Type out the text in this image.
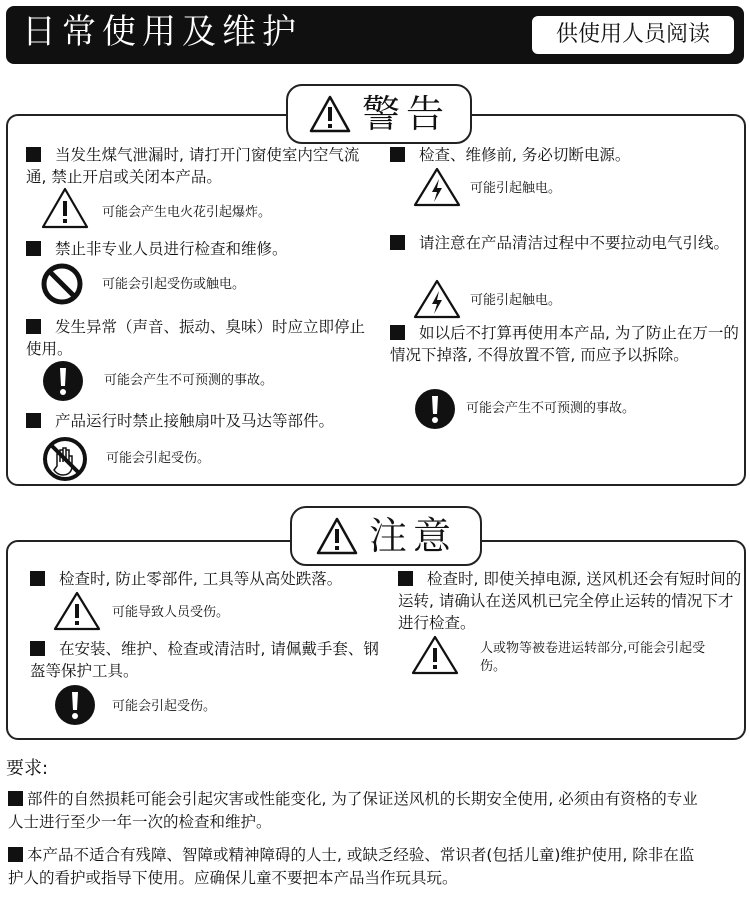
日常使用及维护	供使用人员阅读
警告
当发生煤气泄漏时, 请打开门窗使室内空气流通, 禁止开启或关闭本产品。
可能会产生电火花引起爆炸。
禁止非专业人员进行检查和维修。
可能会引起受伤或触电。
发生异常（声音、振动、臭味）时应立即停止使用。
可能会产生不可预测的事故。
产品运行时禁止接触扇叶及马达等部件。
可能会引起受伤。
检查、维修前, 务必切断电源。
可能引起触电。
请注意在产品清洁过程中不要拉动电气引线。
可能引起触电。
如以后不打算再使用本产品, 为了防止在万一的情况下掉落, 不得放置不管, 而应予以拆除。
可能会产生不可预测的事故。
注意
检查时, 防止零部件, 工具等从高处跌落。
可能导致人员受伤。
在安装、维护、检查或清洁时, 请佩戴手套、钢盔等保护工具。
可能会引起受伤。
检查时, 即使关掉电源, 送风机还会有短时间的运转, 请确认在送风机已完全停止运转的情况下才进行检查。
人或物等被卷进运转部分,可能会引起受伤。
要求:
部件的自然损耗可能会引起灾害或性能变化, 为了保证送风机的长期安全使用, 必须由有资格的专业人士进行至少一年一次的检查和维护。
本产品不适合有残障、智障或精神障碍的人士, 或缺乏经验、常识者(包括儿童)维护使用, 除非在监护人的看护或指导下使用。应确保儿童不要把本产品当作玩具玩。
